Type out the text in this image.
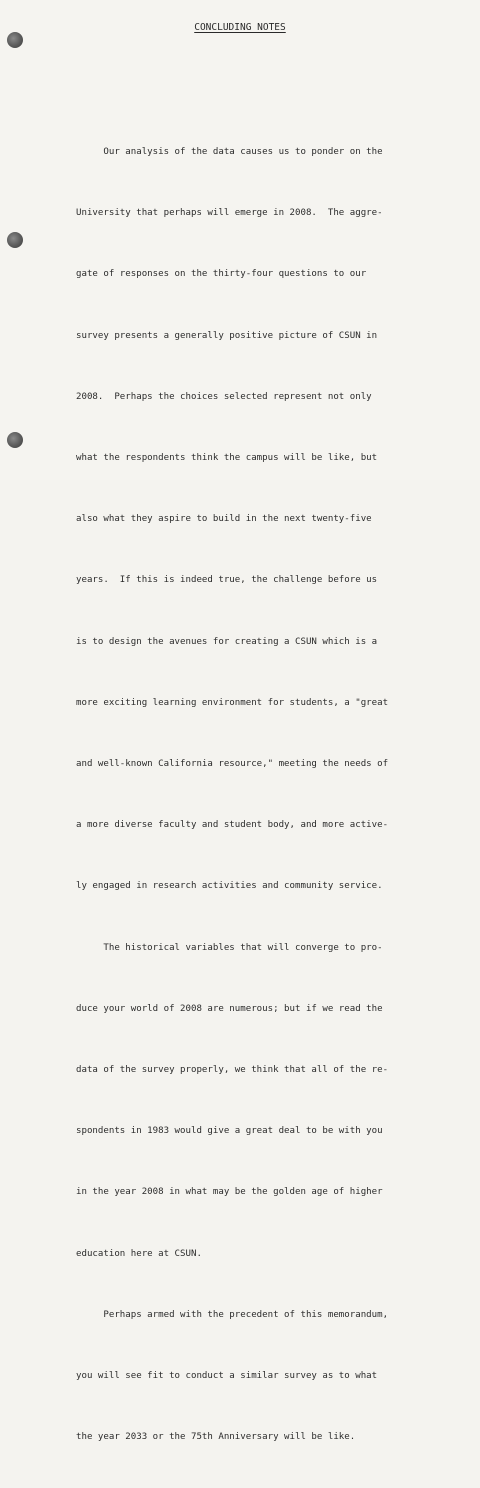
CONCLUDING NOTES

Our analysis of the data causes us to ponder on the

University that perhaps will emerge in 2008.  The aggre-

gate of responses on the thirty-four questions to our

survey presents a generally positive picture of CSUN in

2008.  Perhaps the choices selected represent not only

what the respondents think the campus will be like, but

also what they aspire to build in the next twenty-five

years.  If this is indeed true, the challenge before us

is to design the avenues for creating a CSUN which is a

more exciting learning environment for students, a "great

and well-known California resource," meeting the needs of

a more diverse faculty and student body, and more active-

ly engaged in research activities and community service.

The historical variables that will converge to pro-

duce your world of 2008 are numerous; but if we read the

data of the survey properly, we think that all of the re-

spondents in 1983 would give a great deal to be with you

in the year 2008 in what may be the golden age of higher

education here at CSUN.

Perhaps armed with the precedent of this memorandum,

you will see fit to conduct a similar survey as to what

the year 2033 or the 75th Anniversary will be like.
